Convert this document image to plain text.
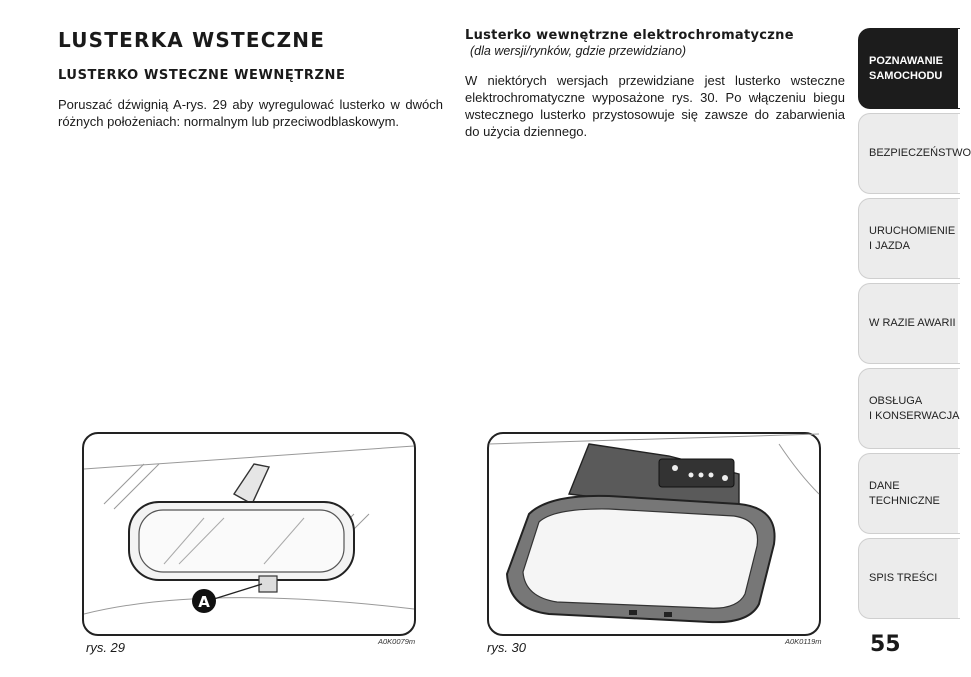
LUSTERKA WSTECZNE
LUSTERKO WSTECZNE WEWNĘTRZNE

Poruszać dźwignią A-rys. 29 aby wyregulować lusterko w dwóch różnych położeniach: normalnym lub przeciwodblaskowym.

Lusterko wewnętrzne elektrochromatyczne

(dla wersji/rynków, gdzie przewidziano)

W niektórych wersjach przewidziane jest lusterko wsteczne elektrochromatyczne wyposażone rys. 30. Po włączeniu biegu wstecznego lusterko przystosowuje się zawsze do zabarwienia do użycia dziennego.

A
rys. 29	A0K0079m	rys. 30	A0K0119m 55
POZNAWANIE
SAMOCHODU
BEZPIECZEŃSTWO
URUCHOMIENIE
I JAZDA
W RAZIE AWARII
OBSŁUGA
I KONSERWACJA
DANE
TECHNICZNE
SPIS TREŚCI
